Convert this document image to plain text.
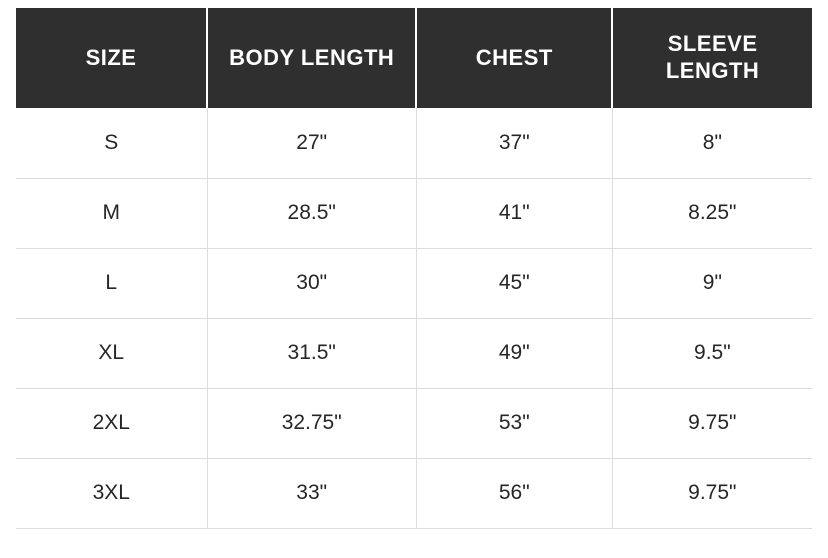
SIZE	BODY LENGTH	CHEST	SLEEVE LENGTH
S	27"	37"	8"
M	28.5"	41"	8.25"
L	30"	45"	9"
XL	31.5"	49"	9.5"
2XL	32.75"	53"	9.75"
3XL	33"	56"	9.75"
